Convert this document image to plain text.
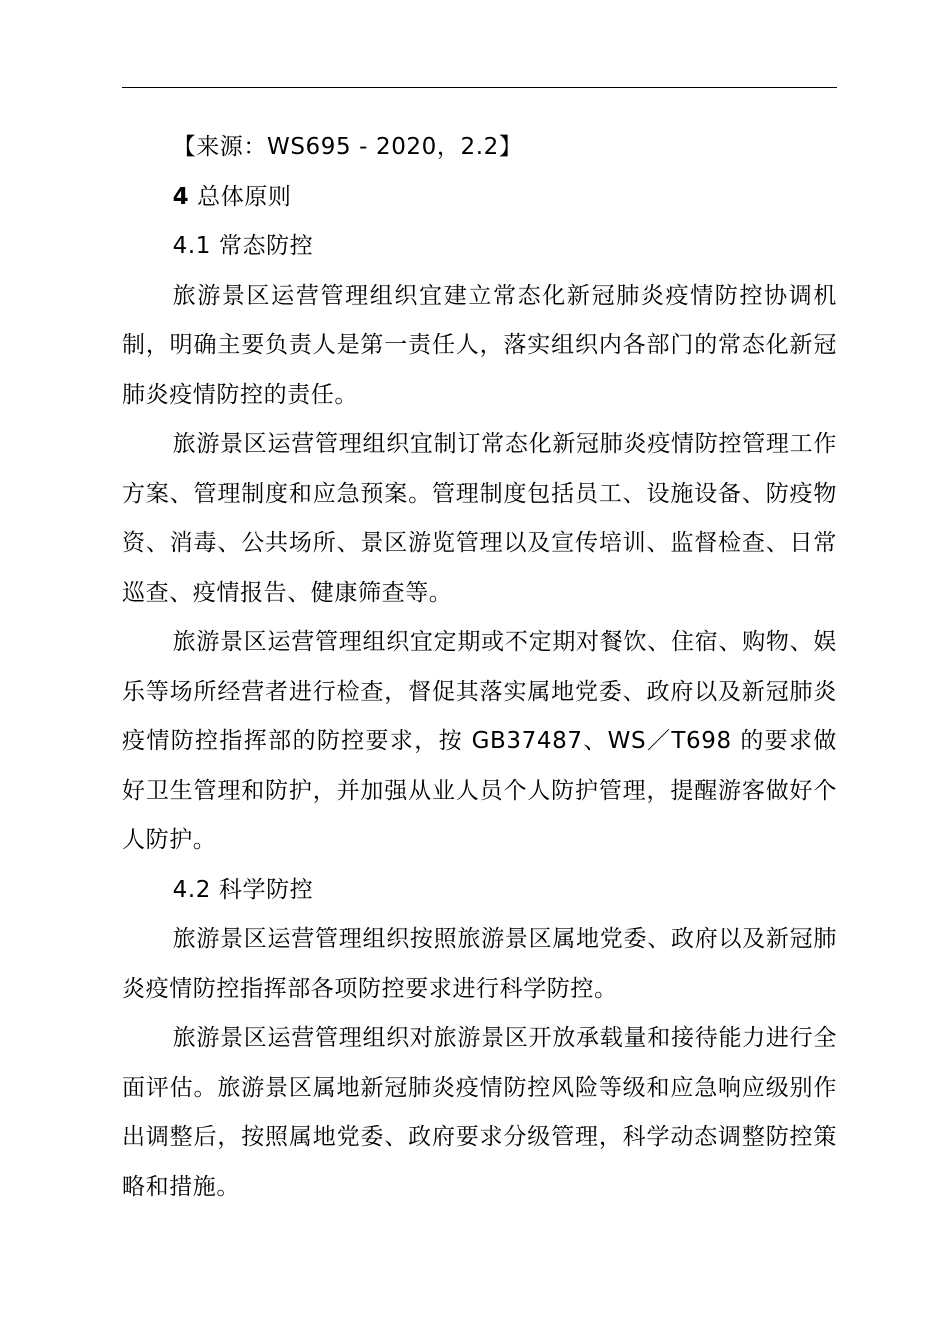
【来源：WS695 - 2020，2.2】

4 总体原则

4.1 常态防控

旅游景区运营管理组织宜建立常态化新冠肺炎疫情防控协调机制，明确主要负责人是第一责任人，落实组织内各部门的常态化新冠肺炎疫情防控的责任。

旅游景区运营管理组织宜制订常态化新冠肺炎疫情防控管理工作方案、管理制度和应急预案。管理制度包括员工、设施设备、防疫物资、消毒、公共场所、景区游览管理以及宣传培训、监督检查、日常巡查、疫情报告、健康筛查等。

旅游景区运营管理组织宜定期或不定期对餐饮、住宿、购物、娱乐等场所经营者进行检查，督促其落实属地党委、政府以及新冠肺炎疫情防控指挥部的防控要求，按 GB37487、WS／T698 的要求做好卫生管理和防护，并加强从业人员个人防护管理，提醒游客做好个人防护。

4.2 科学防控

旅游景区运营管理组织按照旅游景区属地党委、政府以及新冠肺炎疫情防控指挥部各项防控要求进行科学防控。

旅游景区运营管理组织对旅游景区开放承载量和接待能力进行全面评估。旅游景区属地新冠肺炎疫情防控风险等级和应急响应级别作出调整后，按照属地党委、政府要求分级管理，科学动态调整防控策略和措施。
